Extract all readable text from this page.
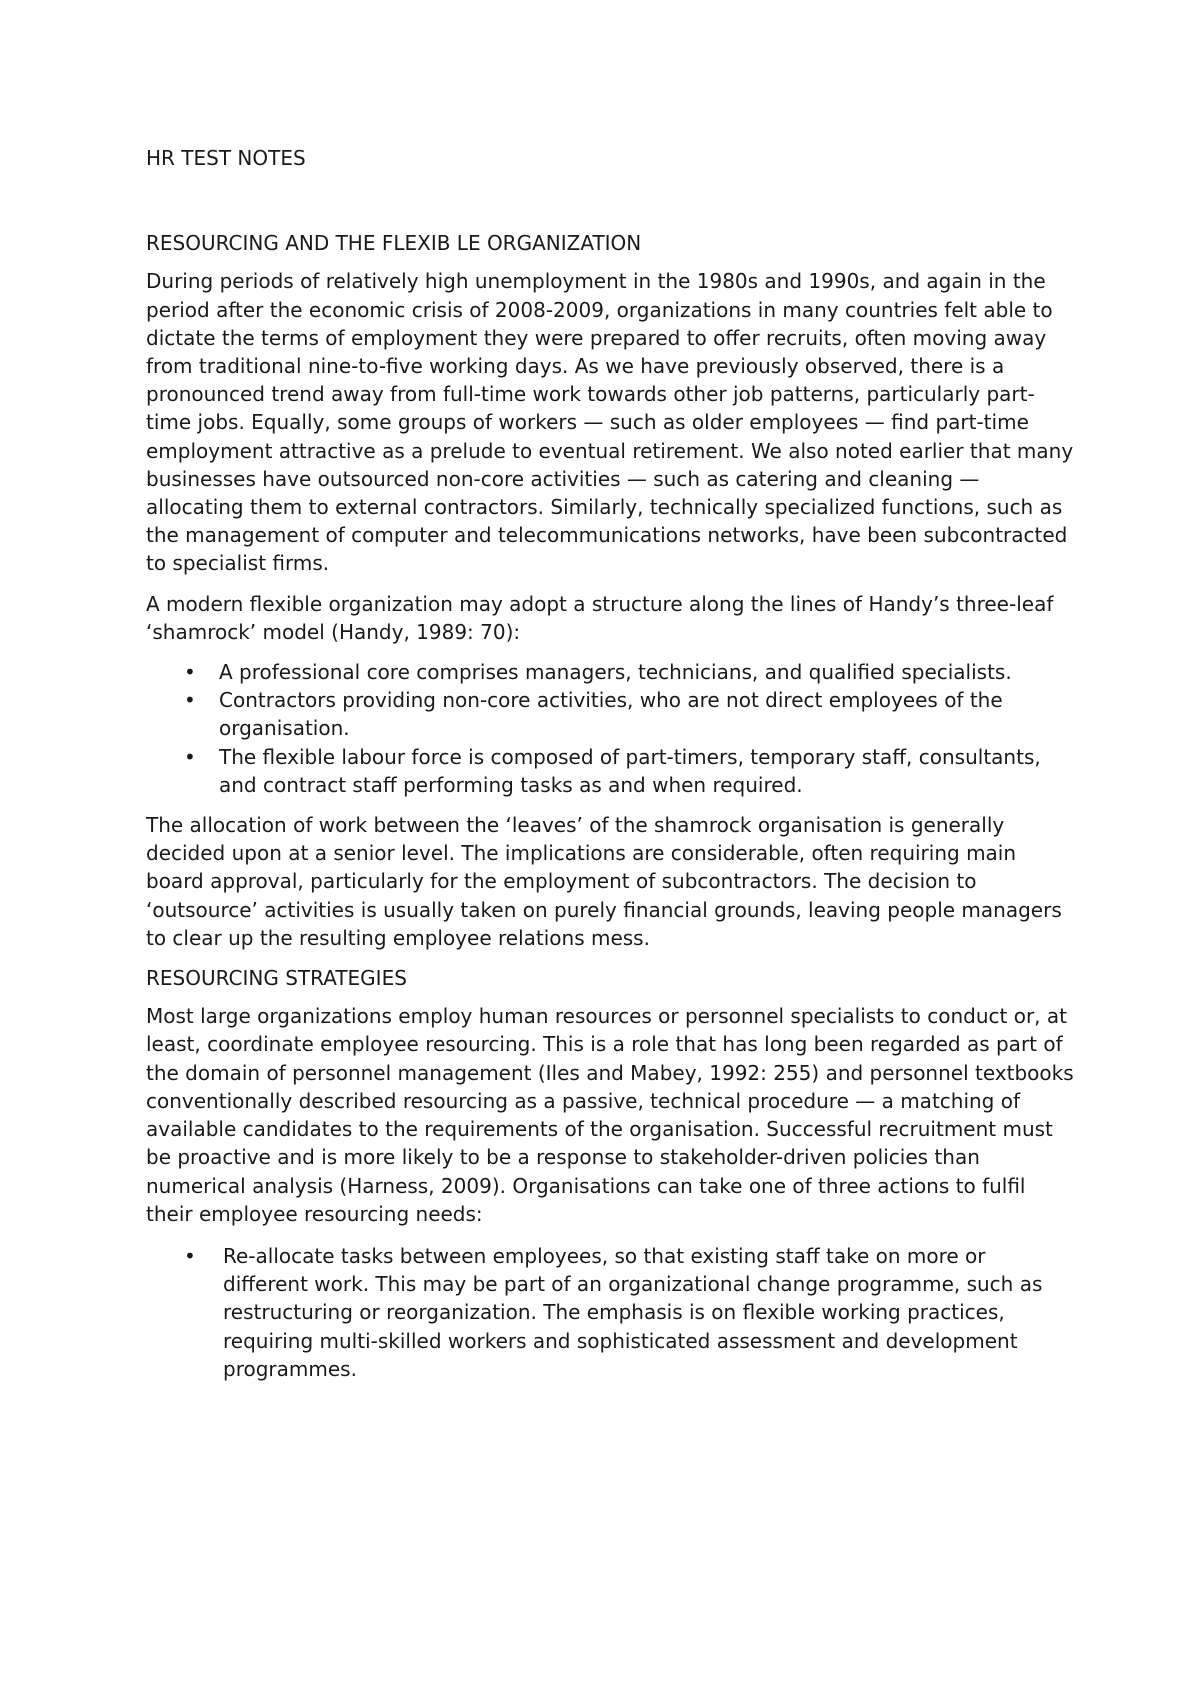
HR TEST NOTES
RESOURCING AND THE FLEXIB LE ORGANIZATION

During periods of relatively high unemployment in the 1980s and 1990s, and again in the period after the economic crisis of 2008-2009, organizations in many countries felt able to dictate the terms of employment they were prepared to offer recruits, often moving away from traditional nine-to-five working days. As we have previously observed, there is a pronounced trend away from full-time work towards other job patterns, particularly part-time jobs. Equally, some groups of workers — such as older employees — find part-time employment attractive as a prelude to eventual retirement. We also noted earlier that many businesses have outsourced non-core activities — such as catering and cleaning — allocating them to external contractors. Similarly, technically specialized functions, such as the management of computer and telecommunications networks, have been subcontracted to specialist firms.

A modern flexible organization may adopt a structure along the lines of Handy’s three-leaf ‘shamrock’ model (Handy, 1989: 70):

• A professional core comprises managers, technicians, and qualified specialists.
• Contractors providing non-core activities, who are not direct employees of the organisation.
• The flexible labour force is composed of part-timers, temporary staff, consultants, and contract staff performing tasks as and when required.

The allocation of work between the ‘leaves’ of the shamrock organisation is generally decided upon at a senior level. The implications are considerable, often requiring main board approval, particularly for the employment of subcontractors. The decision to ‘outsource’ activities is usually taken on purely financial grounds, leaving people managers to clear up the resulting employee relations mess.

RESOURCING STRATEGIES

Most large organizations employ human resources or personnel specialists to conduct or, at least, coordinate employee resourcing. This is a role that has long been regarded as part of the domain of personnel management (Iles and Mabey, 1992: 255) and personnel textbooks conventionally described resourcing as a passive, technical procedure — a matching of available candidates to the requirements of the organisation. Successful recruitment must be proactive and is more likely to be a response to stakeholder-driven policies than numerical analysis (Harness, 2009). Organisations can take one of three actions to fulfil their employee resourcing needs:

• Re-allocate tasks between employees, so that existing staff take on more or different work. This may be part of an organizational change programme, such as restructuring or reorganization. The emphasis is on flexible working practices, requiring multi-skilled workers and sophisticated assessment and development programmes.
